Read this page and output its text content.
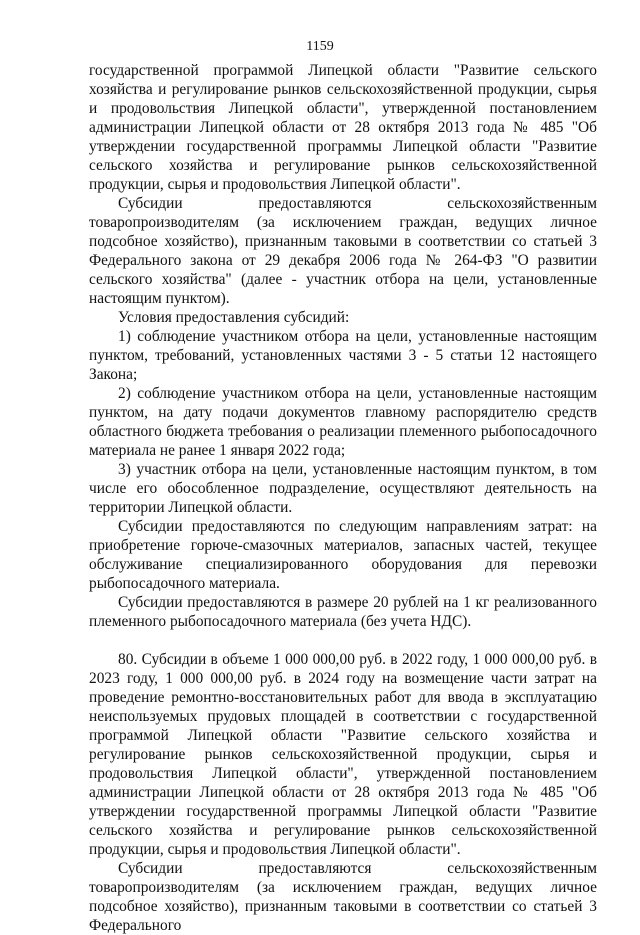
1159

государственной программой Липецкой области "Развитие сельского хозяйства и регулирование рынков сельскохозяйственной продукции, сырья и продовольствия Липецкой области", утвержденной постановлением администрации Липецкой области от 28 октября 2013 года № 485 "Об утверждении государственной программы Липецкой области "Развитие сельского хозяйства и регулирование рынков сельскохозяйственной продукции, сырья и продовольствия Липецкой области".

Субсидии предоставляются сельскохозяйственным товаропроизводителям (за исключением граждан, ведущих личное подсобное хозяйство), признанным таковыми в соответствии со статьей 3 Федерального закона от 29 декабря 2006 года № 264-ФЗ "О развитии сельского хозяйства" (далее - участник отбора на цели, установленные настоящим пунктом).

Условия предоставления субсидий:

1) соблюдение участником отбора на цели, установленные настоящим пунктом, требований, установленных частями 3 - 5 статьи 12 настоящего Закона;

2) соблюдение участником отбора на цели, установленные настоящим пунктом, на дату подачи документов главному распорядителю средств областного бюджета требования о реализации племенного рыбопосадочного материала не ранее 1 января 2022 года;

3) участник отбора на цели, установленные настоящим пунктом, в том числе его обособленное подразделение, осуществляют деятельность на территории Липецкой области.

Субсидии предоставляются по следующим направлениям затрат: на приобретение горюче-смазочных материалов, запасных частей, текущее обслуживание специализированного оборудования для перевозки рыбопосадочного материала.

Субсидии предоставляются в размере 20 рублей на 1 кг реализованного племенного рыбопосадочного материала (без учета НДС).

80. Субсидии в объеме 1 000 000,00 руб. в 2022 году, 1 000 000,00 руб. в 2023 году, 1 000 000,00 руб. в 2024 году на возмещение части затрат на проведение ремонтно-восстановительных работ для ввода в эксплуатацию неиспользуемых прудовых площадей в соответствии с государственной программой Липецкой области "Развитие сельского хозяйства и регулирование рынков сельскохозяйственной продукции, сырья и продовольствия Липецкой области", утвержденной постановлением администрации Липецкой области от 28 октября 2013 года № 485 "Об утверждении государственной программы Липецкой области "Развитие сельского хозяйства и регулирование рынков сельскохозяйственной продукции, сырья и продовольствия Липецкой области".

Субсидии предоставляются сельскохозяйственным товаропроизводителям (за исключением граждан, ведущих личное подсобное хозяйство), признанным таковыми в соответствии со статьей 3 Федерального
